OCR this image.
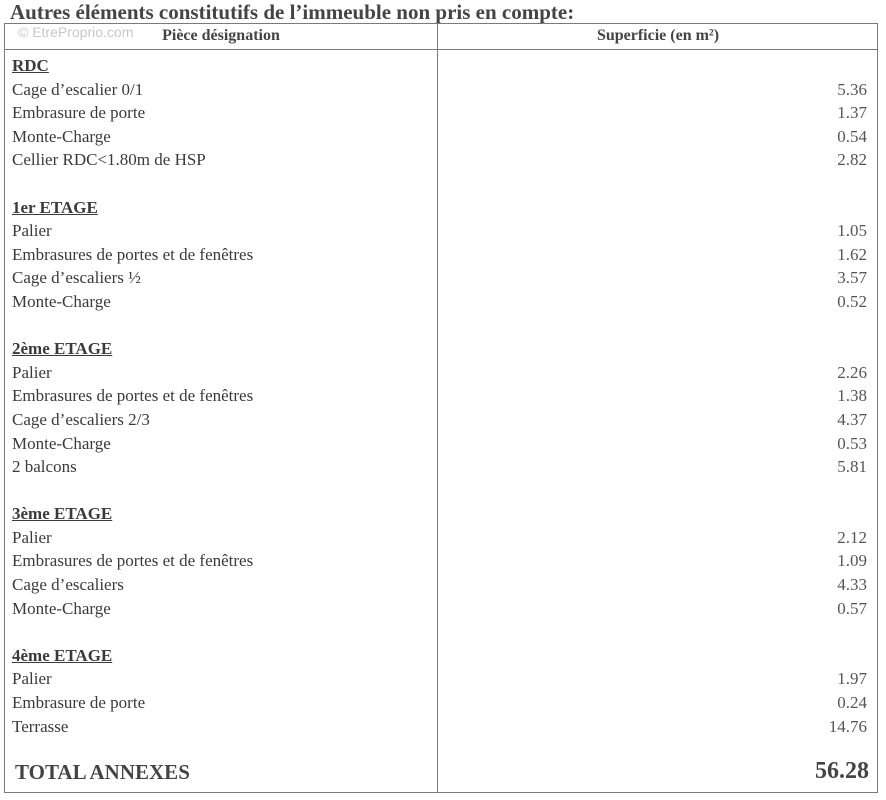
Autres éléments constitutifs de l’immeuble non pris en compte:
© EtreProprio.com	Pièce désignation	Superficie (en m²)
RDC
Cage d’escalier 0/1	5.36
Embrasure de porte	1.37
Monte-Charge	0.54
Cellier RDC<1.80m de HSP	2.82
1er ETAGE
Palier	1.05
Embrasures de portes et de fenêtres	1.62
Cage d’escaliers ½	3.57
Monte-Charge	0.52
2ème ETAGE
Palier	2.26
Embrasures de portes et de fenêtres	1.38
Cage d’escaliers 2/3	4.37
Monte-Charge	0.53
2 balcons	5.81
3ème ETAGE
Palier	2.12
Embrasures de portes et de fenêtres	1.09
Cage d’escaliers	4.33
Monte-Charge	0.57
4ème ETAGE
Palier	1.97
Embrasure de porte	0.24
Terrasse	14.76
TOTAL ANNEXES	56.28
